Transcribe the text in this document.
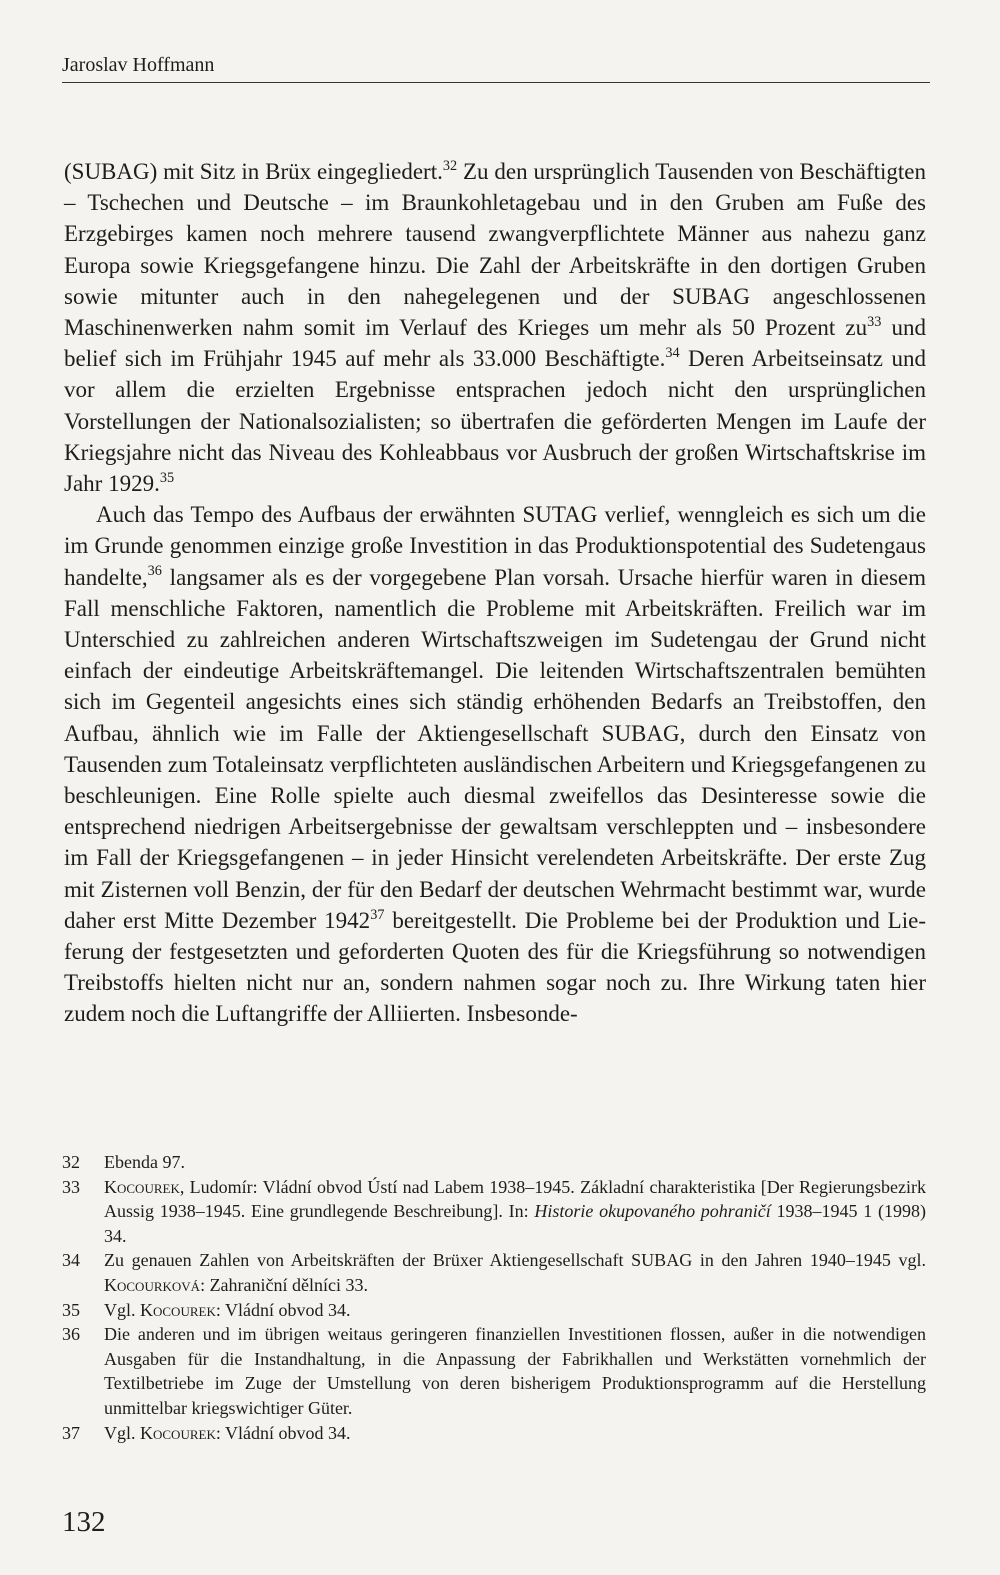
Jaroslav Hoffmann

(SUBAG) mit Sitz in Brüx eingegliedert.$^{32}$ Zu den ursprünglich Tausenden von Beschäftigten – Tschechen und Deutsche – im Braunkohletagebau und in den Gruben am Fuße des Erzgebirges kamen noch mehrere tausend zwangverpflichtete Männer aus nahezu ganz Europa sowie Kriegsgefangene hinzu. Die Zahl der Arbeitskräfte in den dortigen Gruben sowie mitunter auch in den nahegelegenen und der SUBAG angeschlossenen Maschinenwerken nahm somit im Verlauf des Krieges um mehr als 50 Prozent $zu^{33}$ und belief sich im Frühjahr 1945 auf mehr als 33.000 Beschäftigte.$^{34}$ Deren Arbeitseinsatz und vor allem die erzielten Ergebnisse entsprachen jedoch nicht den ursprünglichen Vorstellungen der Nationalsozialisten; so übertrafen die geförderten Mengen im Laufe der Kriegsjahre nicht das Niveau des Kohleabbaus vor Ausbruch der großen Wirtschaftskrise im Jahr 1929.35

Auch das Tempo des Aufbaus der erwähnten SUTAG verlief, wenngleich es sich um die im Grunde genommen einzige große Investition in das Produktionspotential des Sudetengaus handelte,$^{36}$ langsamer als es der vorgegebene Plan vorsah. Ursache hierfür waren in diesem Fall menschliche Faktoren, namentlich die Probleme mit Arbeitskräften. Freilich war im Unterschied zu zahlreichen anderen Wirtschaftszweigen im Sudetengau der Grund nicht einfach der eindeutige Arbeitskräftemangel. Die leitenden Wirtschaftszentralen bemühten sich im Gegenteil angesichts eines sich ständig erhöhenden Bedarfs an Treibstoffen, den Aufbau, ähnlich wie im Falle der Aktiengesellschaft SUBAG, durch den Einsatz von Tausenden zum Totaleinsatz verpflichteten ausländischen Arbeitern und Kriegsgefangenen zu beschleunigen. Eine Rolle spielte auch diesmal zweifellos das Desinteresse sowie die entsprechend niedrigen Arbeitsergebnisse der gewaltsam verschleppten und – insbesondere im Fall der Kriegsgefangenen – in jeder Hinsicht verelendeten Arbeitskräfte. Der erste Zug mit Zisternen voll Benzin, der für den Bedarf der deutschen Wehrmacht bestimmt war, wurde daher erst Mitte Dezember 1942$^{37}$ bereitgestellt. Die Probleme bei der Produktion und Lieferung der festgesetzten und geforderten Quoten des für die Kriegsführung so notwendigen Treibstoffs hielten nicht nur an, sondern nahmen sogar noch zu. Ihre Wirkung taten hier zudem noch die Luftangriffe der Alliierten. Insbesonde-

32	Ebenda 97.
33	Kocourek, Ludomír: Vládní obvod Ústí nad Labem 1938–1945. Základní charakteristika [Der Regierungsbezirk Aussig 1938–1945. Eine grundlegende Beschreibung]. In: Historie okupovaného pohraničí 1938–1945 1 (1998) 34.
34	Zu genauen Zahlen von Arbeitskräften der Brüxer Aktiengesellschaft SUBAG in den Jahren 1940–1945 vgl. Kocourková: Zahraniční dělníci 33.
35	Vgl. Kocourek: Vládní obvod 34.
36	Die anderen und im übrigen weitaus geringeren finanziellen Investitionen flossen, außer in die notwendigen Ausgaben für die Instandhaltung, in die Anpassung der Fabrikhallen und Werkstätten vornehmlich der Textilbetriebe im Zuge der Umstellung von deren bisherigem Produktionsprogramm auf die Herstellung unmittelbar kriegswichtiger Güter.
37	Vgl. Kocourek: Vládní obvod 34.
132
